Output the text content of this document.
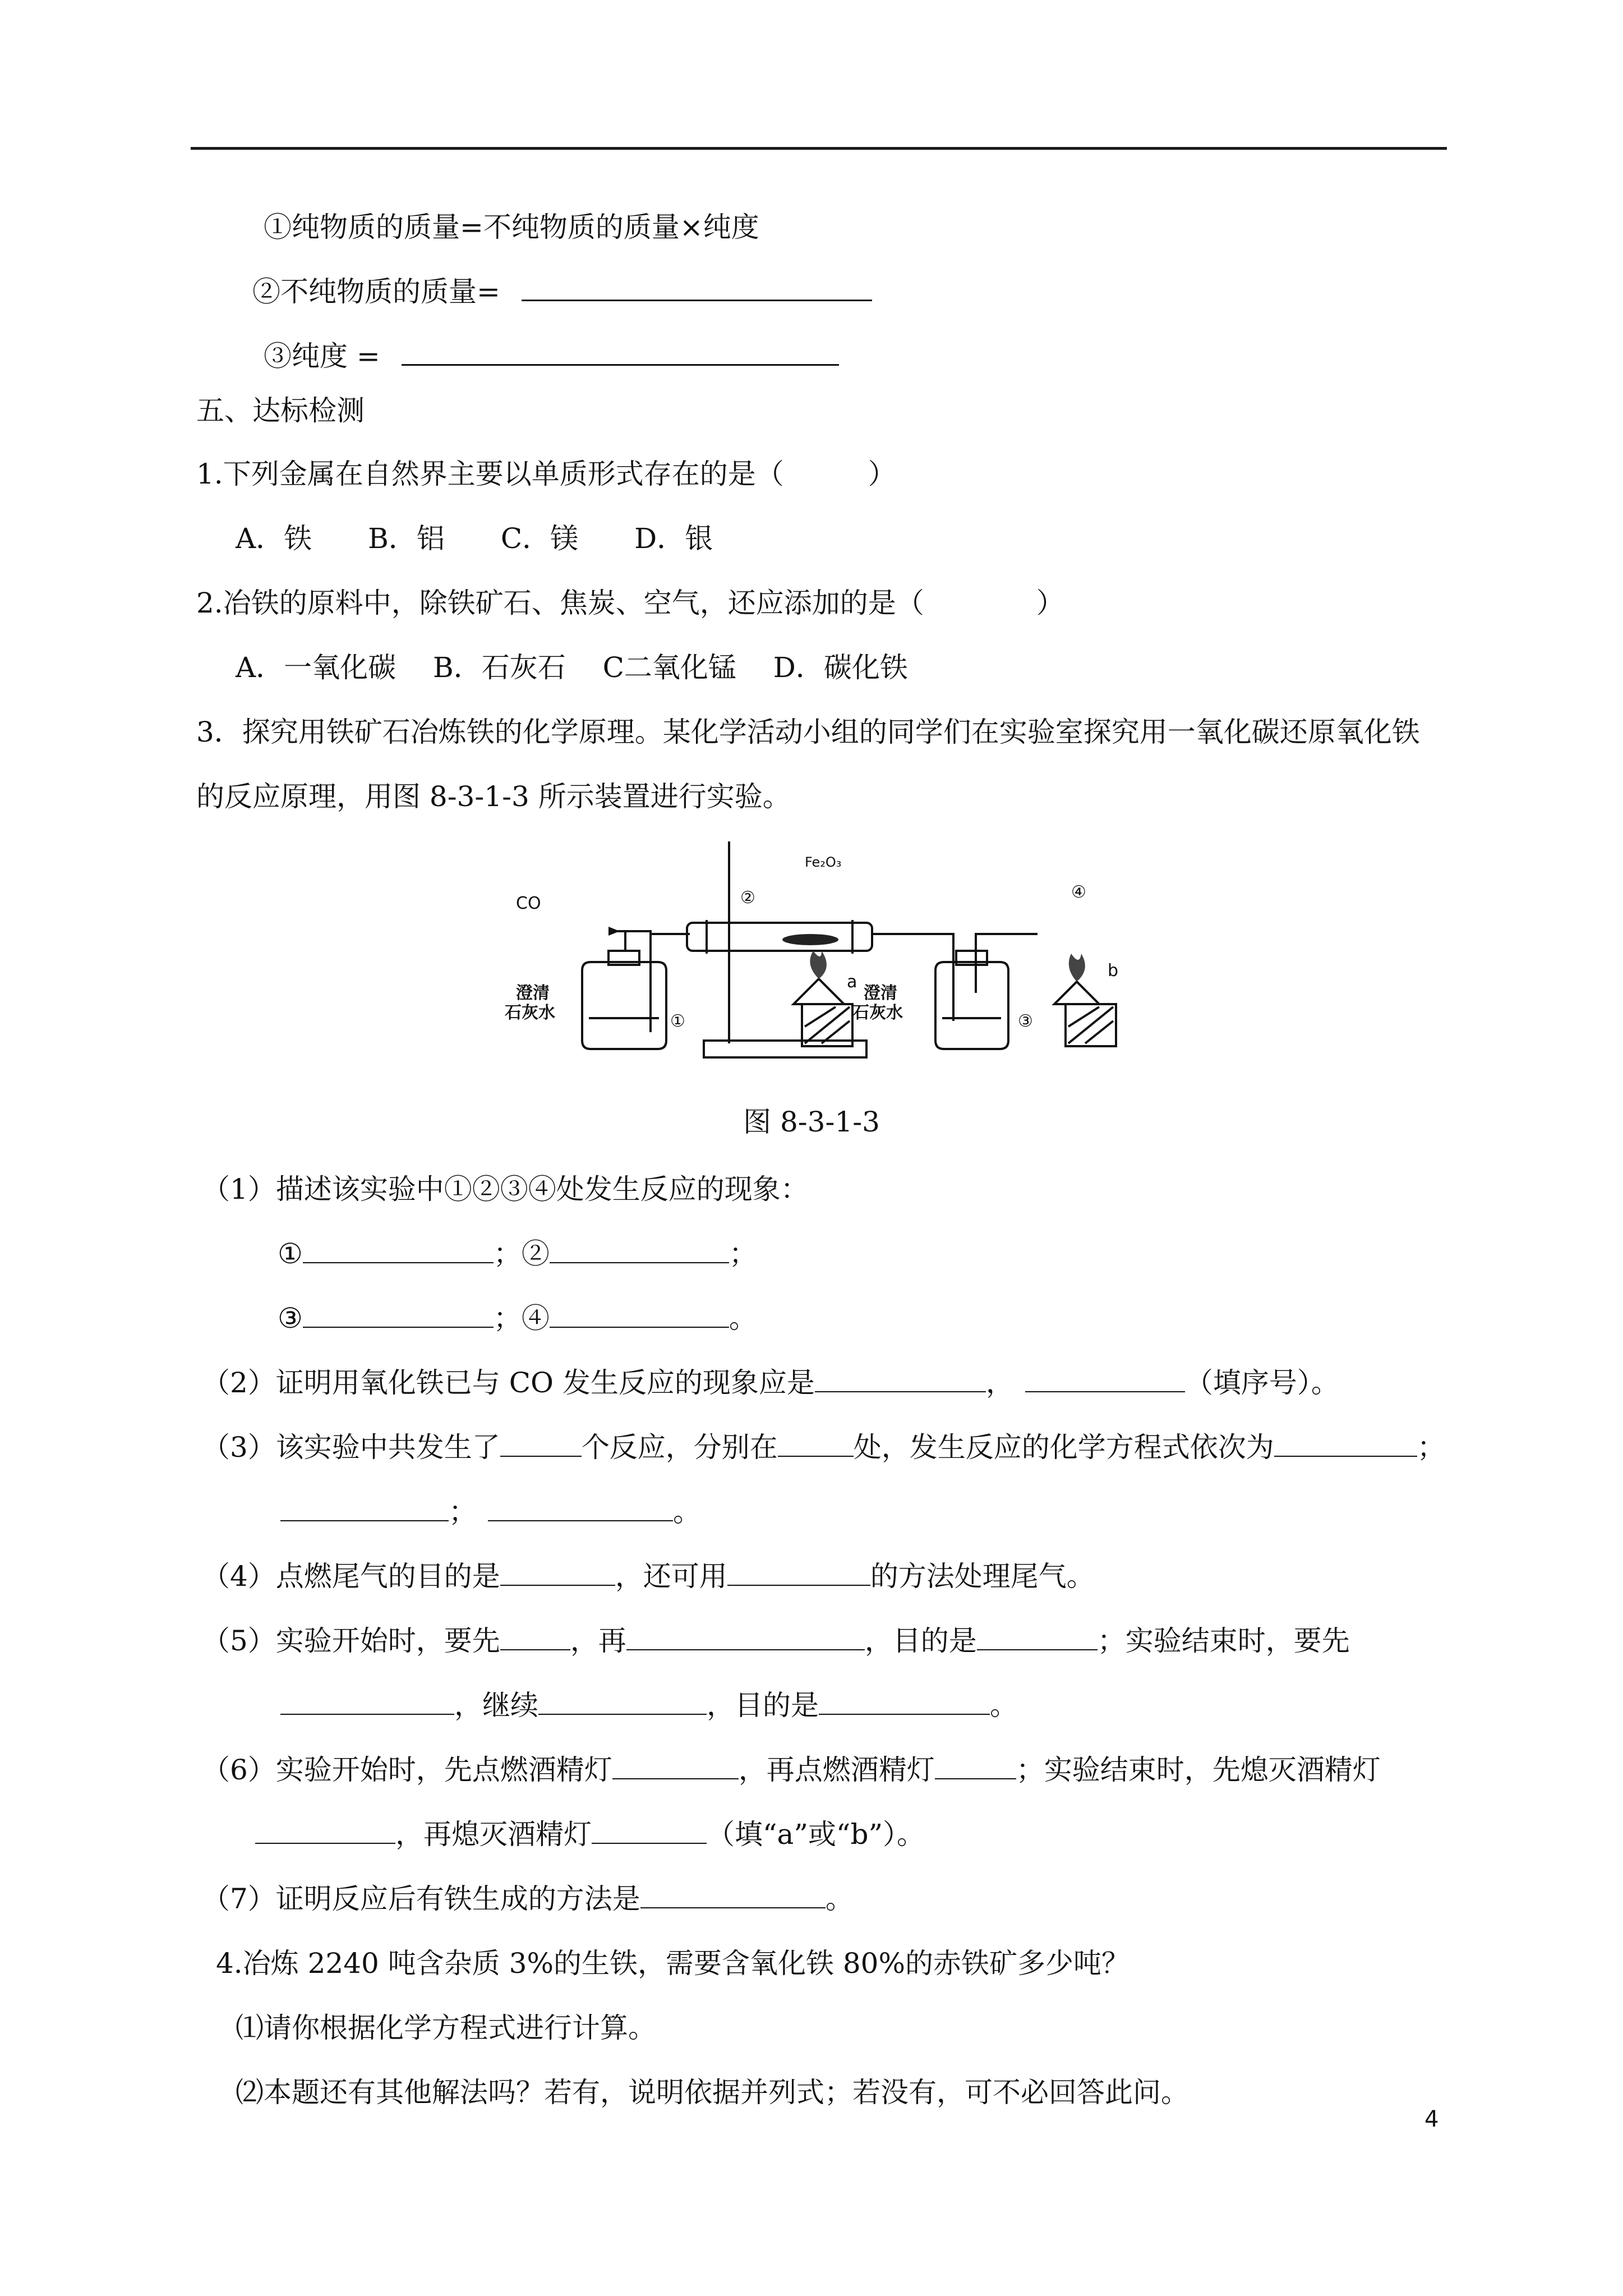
①纯物质的质量=不纯物质的质量×纯度
②不纯物质的质量=
③纯度 =
五、达标检测
1.下列金属在自然界主要以单质形式存在的是（　　　）
A．铁　　B．铝　　C．镁　　D．银
2.冶铁的原料中，除铁矿石、焦炭、空气，还应添加的是（　　　　）
A．一氧化碳　 B．石灰石　 C二氧化锰　 D．碳化铁
3．探究用铁矿石冶炼铁的化学原理。某化学活动小组的同学们在实验室探究用一氧化碳还原氧化铁
的反应原理，用图 8-3-1-3 所示装置进行实验。
CO
Fe₂O₃
②	④
①	③
a
b
澄清
石灰水
澄清
石灰水
图 8-3-1-3
（1）描述该实验中①②③④处发生反应的现象：
①	；②	；
③	；④	。
（2）证明用氧化铁已与 CO 发生反应的现象应是	，	（填序号）。
（3）该实验中共发生了	个反应，分别在	处，发生反应的化学方程式依次为	；
；	。
（4）点燃尾气的目的是	，还可用	的方法处理尾气。
（5）实验开始时，要先	，再	，目的是	；实验结束时，要先
，继续	，目的是	。
（6）实验开始时，先点燃酒精灯	，再点燃酒精灯	；实验结束时，先熄灭酒精灯
，再熄灭酒精灯	（填“a”或“b”）。
（7）证明反应后有铁生成的方法是	。
4.冶炼 2240 吨含杂质 3%的生铁，需要含氧化铁 80%的赤铁矿多少吨？
⑴请你根据化学方程式进行计算。
⑵本题还有其他解法吗？若有，说明依据并列式；若没有，可不必回答此问。
4
